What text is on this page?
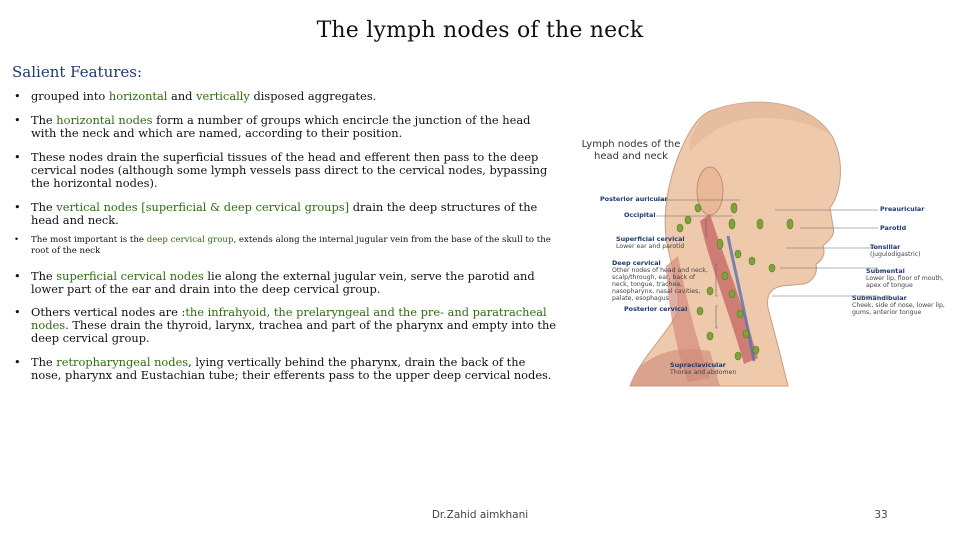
The lymph nodes of the neck
Salient Features:
• grouped into horizontal and vertically disposed aggregates.
• The horizontal nodes form a number of groups which encircle the junction of the head with the neck and which are named, according to their position.
• These nodes drain the superficial tissues of the head and efferent then pass to the deep cervical nodes (although some lymph vessels pass direct to the cervical nodes, bypassing the horizontal nodes).
• The vertical nodes [superficial & deep cervical groups] drain the deep structures of the head and neck.
• The most important is the deep cervical group, extends along the internal jugular vein from the base of the skull to the root of the neck
• The superficial cervical nodes lie along the external jugular vein, serve the parotid and lower part of the ear and drain into the deep cervical group.
• Others vertical nodes are :the infrahyoid, the prelaryngeal and the pre- and paratracheal nodes. These drain the thyroid, larynx, trachea and part of the pharynx and empty into the deep cervical group.
• The retropharyngeal nodes, lying vertically behind the pharynx, drain the back of the nose, pharynx and Eustachian tube; their efferents pass to the upper deep cervical nodes.
Lymph nodes of the head and neck
Posterior auricular
Occipital
Superficial cervical
Lower ear and parotid
Deep cervical
Other nodes of head and neck, scalp/through, ear, back of neck, tongue, trachea, nasopharynx, nasal cavities, palate, esophagus
Posterior cervical
Supraclavicular
Thorax and abdomen
Preauricular
Parotid
Tonsillar
(jugulodigastric)
Submental
Lower lip, floor of mouth, apex of tongue
Submandibular
Cheek, side of nose, lower lip, gums, anterior tongue
Dr.Zahid aimkhani	33
